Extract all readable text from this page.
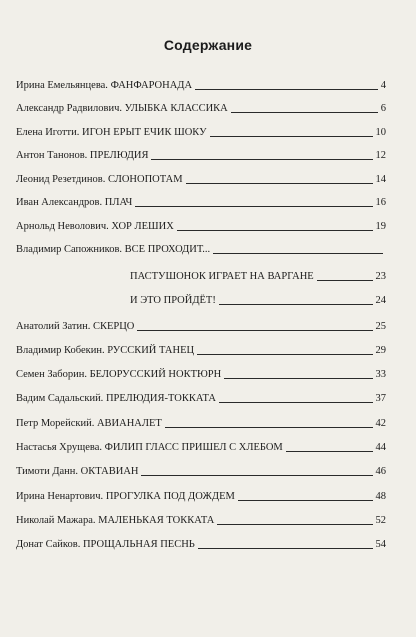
Содержание
Ирина Емельянцева.
ФАНФАРОНАДА	4
Александр Радвилович.
УЛЫБКА КЛАССИКА	6
Елена Иготти.
ИГОН ЕРЫТ ЕЧИК ШОКУ	10
Антон Танонов.
ПРЕЛЮДИЯ	12
Леонид Резетдинов.
СЛОНОПОТАМ	14
Иван Александров.
ПЛАЧ	16
Арнольд Неволович.
ХОР ЛЕШИХ	19
Владимир Сапожников.
ВСЕ ПРОХОДИТ...
ПАСТУШОНОК ИГРАЕТ НА ВАРГАНЕ	23
И ЭТО ПРОЙДЁТ!	24
Анатолий Затин.
СКЕРЦО	25
Владимир Кобекин.
РУССКИЙ ТАНЕЦ	29
Семен Заборин.
БЕЛОРУССКИЙ НОКТЮРН	33
Вадим Садальский.
ПРЕЛЮДИЯ-ТОККАТА	37
Петр Морейский.
АВИАНАЛЕТ	42
Настасья Хрущева.
ФИЛИП ГЛАСС ПРИШЕЛ С ХЛЕБОМ	44
Тимоти Данн.
ОКТАВИАН	46
Ирина Ненартович.
ПРОГУЛКА ПОД ДОЖДЕМ	48
Николай Мажара.
МАЛЕНЬКАЯ ТОККАТА	52
Донат Сайков.
ПРОЩАЛЬНАЯ ПЕСНЬ	54
